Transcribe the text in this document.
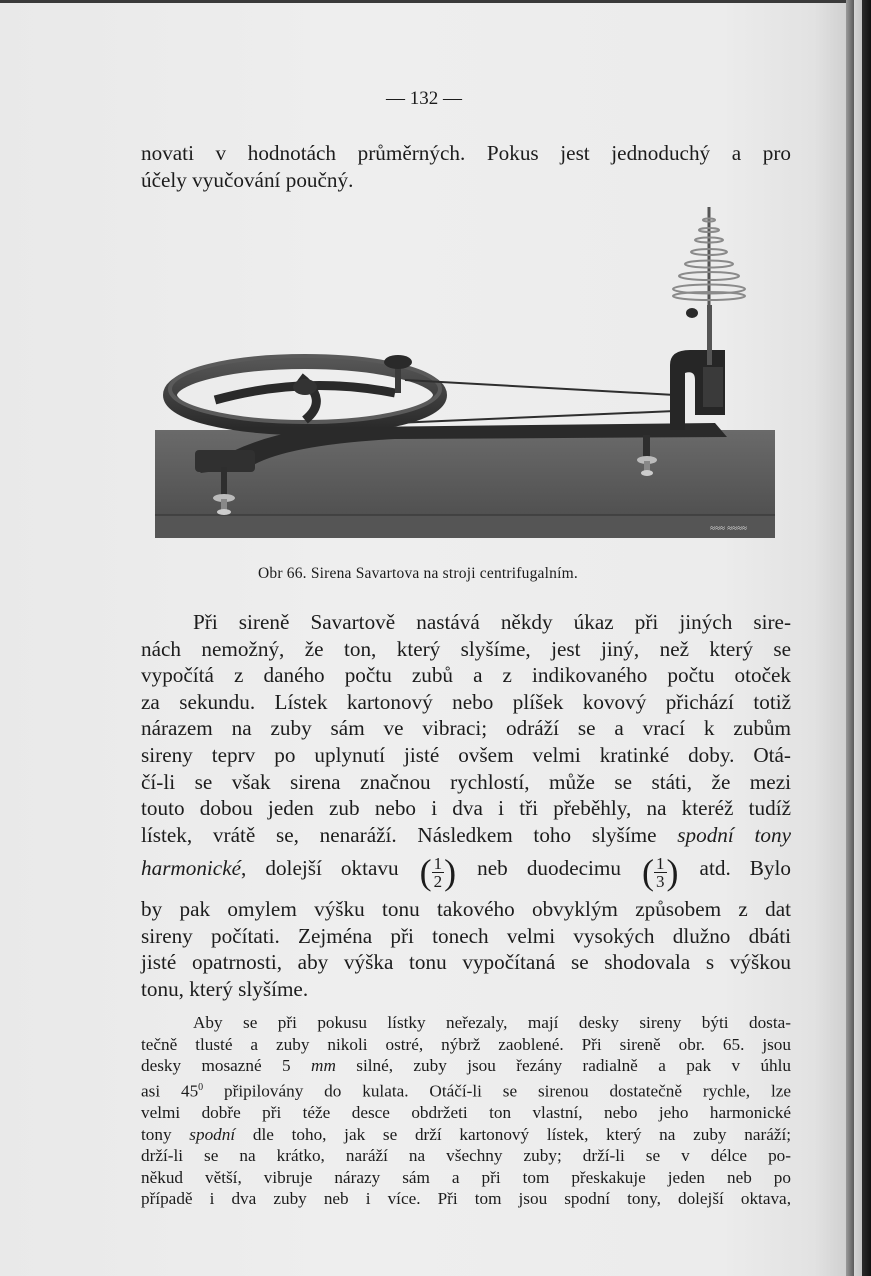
— 132 —
novati v hodnotách průměrných. Pokus jest jednoduchý a pro
účely vyučování poučný.
≈≈≈ ≈≈≈≈
Obr 66. Sirena Savartova na stroji centrifugalním.
Při sireně Savartově nastává někdy úkaz při jiných sire-
nách nemožný, že ton, který slyšíme, jest jiný, než který se
vypočítá z daného počtu zubů a z indikovaného počtu otoček
za sekundu. Lístek kartonový nebo plíšek kovový přichází totiž
nárazem na zuby sám ve vibraci; odráží se a vrací k zubům
sireny teprv po uplynutí jisté ovšem velmi kratinké doby. Otá-
čí-li se však sirena značnou rychlostí, může se státi, že mezi
touto dobou jeden zub nebo i dva i tři přeběhly, na kteréž tudíž
lístek, vrátě se, nenaráží. Následkem toho slyšíme spodní tony
harmonické, dolejší oktavu ( $\frac{1}{2}$ ) neb duodecimu ( $\frac{1}{3}$ ) atd. Bylo
by pak omylem výšku tonu takového obvyklým způsobem z dat
sireny počítati. Zejména při tonech velmi vysokých dlužno dbáti
jisté opatrnosti, aby výška tonu vypočítaná se shodovala s výškou
tonu, který slyšíme.
Aby se při pokusu lístky neřezaly, mají desky sireny býti dosta-
tečně tlusté a zuby nikoli ostré, nýbrž zaoblené. Při sireně obr. 65. jsou
desky mosazné 5 mm silné, zuby jsou řezány radialně a pak v úhlu
asi $45^0$ připilovány do kulata. Otáčí-li se sirenou dostatečně rychle, lze
velmi dobře při téže desce obdržeti ton vlastní, nebo jeho harmonické
tony spodní dle toho, jak se drží kartonový lístek, který na zuby naráží;
drží-li se na krátko, naráží na všechny zuby; drží-li se v délce po-
někud větší, vibruje nárazy sám a při tom přeskakuje jeden neb po
případě i dva zuby neb i více. Při tom jsou spodní tony, dolejší oktava,
